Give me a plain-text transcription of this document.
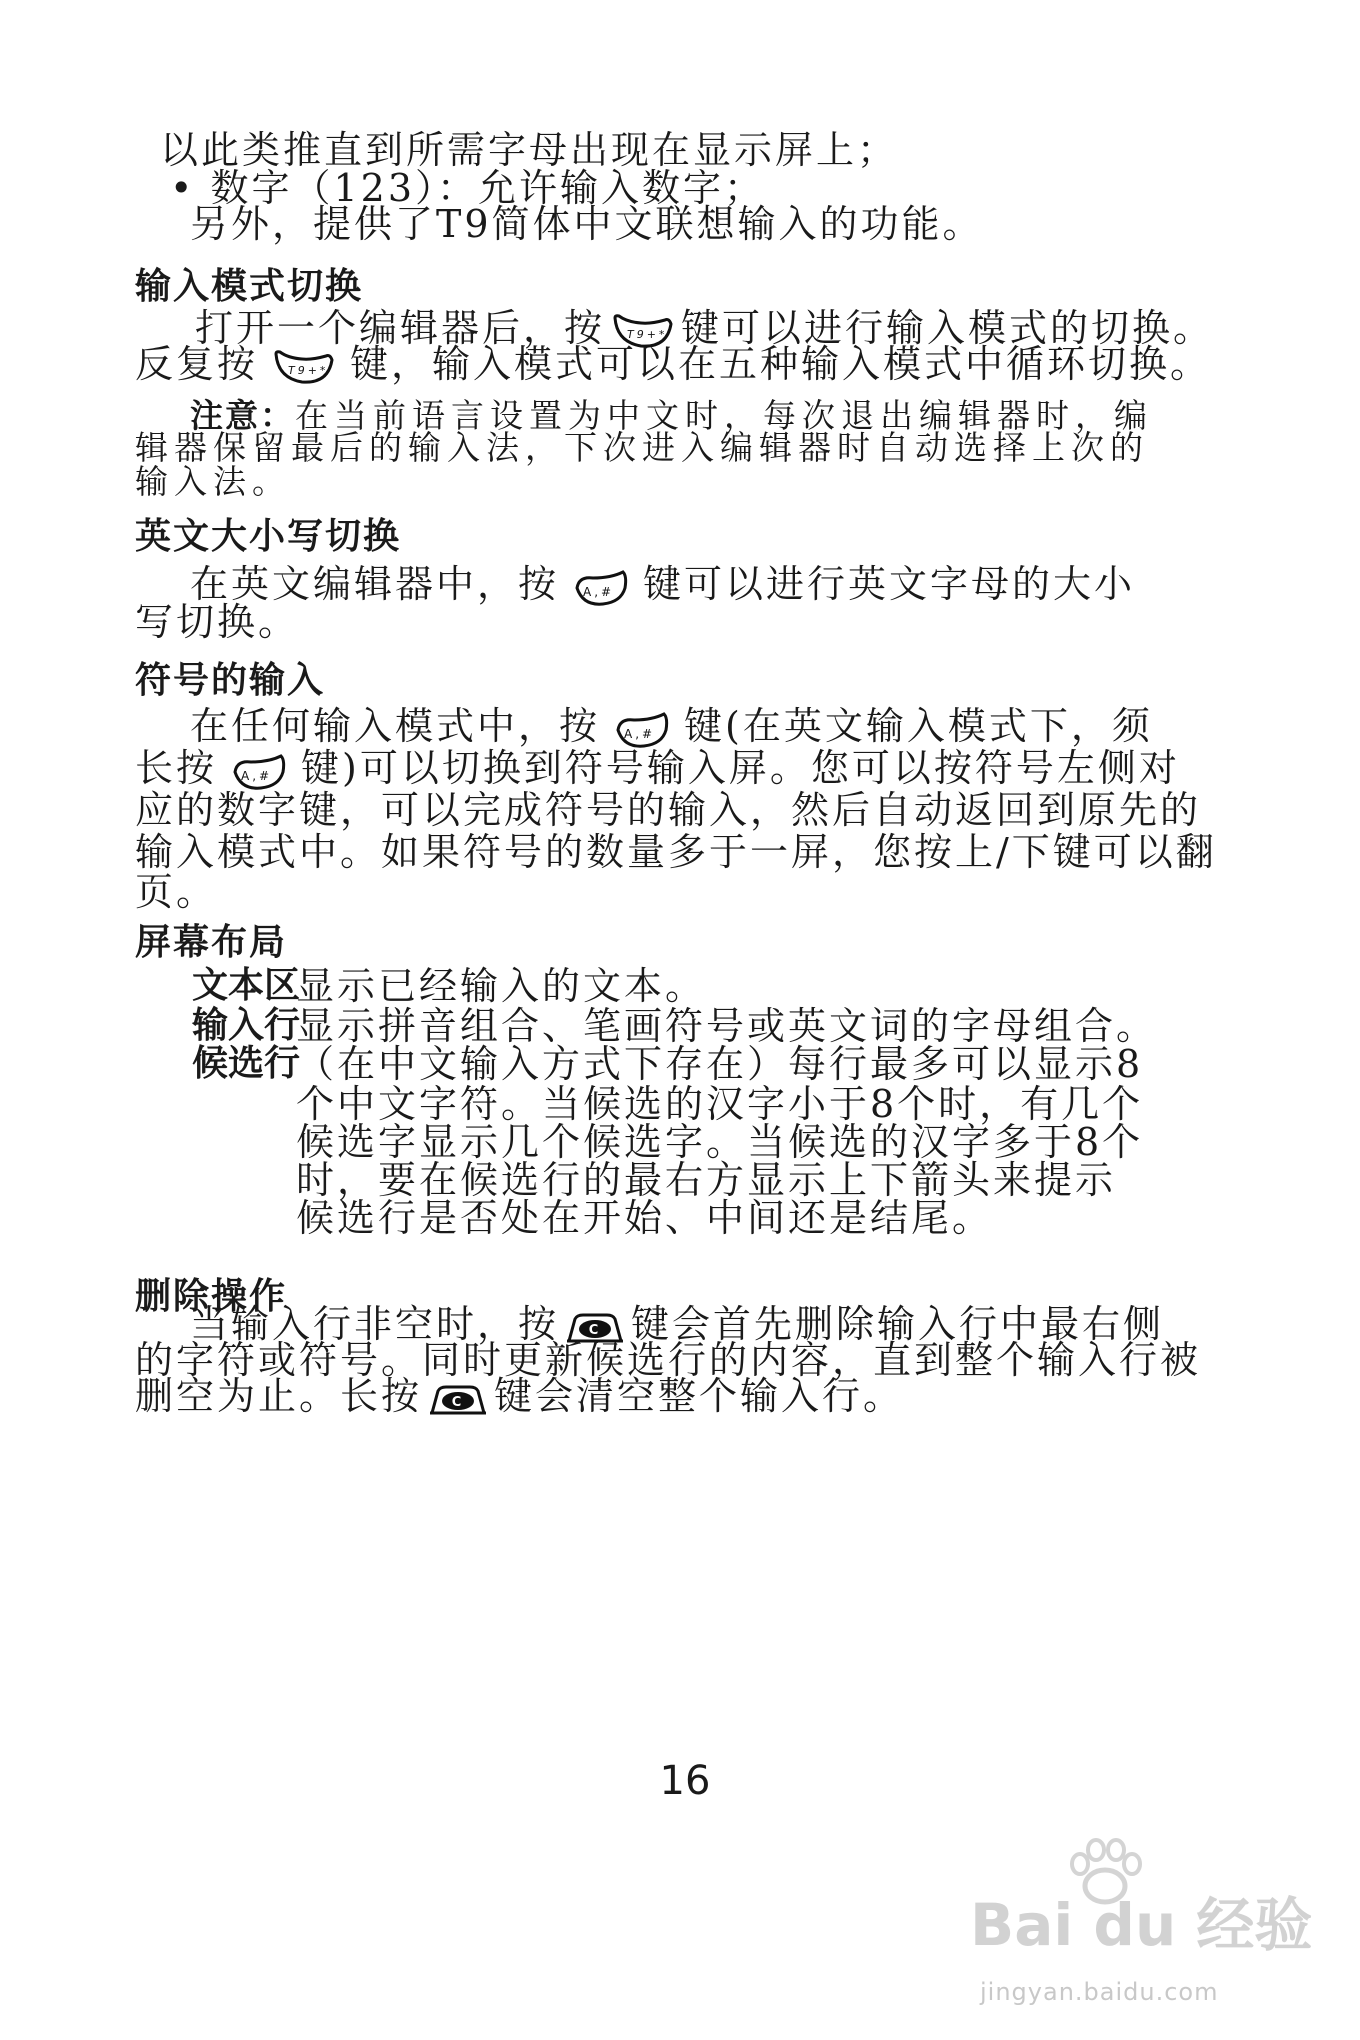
以此类推直到所需字母出现在显示屏上；
• 数字（123）：允许输入数字；
另外，提供了T9简体中文联想输入的功能。
输入模式切换
打开一个编辑器后，按 T9+* 键可以进行输入模式的切换。
反复按	T9+* 键，输入模式可以在五种输入模式中循环切换。
注意：在当前语言设置为中文时，每次退出编辑器时，编
辑器保留最后的输入法，下次进入编辑器时自动选择上次的
输入法。
英文大小写切换
在英文编辑器中，按 A,# 键可以进行英文字母的大小
写切换。
符号的输入
在任何输入模式中，按 A,# 键(在英文输入模式下，须
长按 A,# 键)可以切换到符号输入屏。您可以按符号左侧对
应的数字键，可以完成符号的输入，然后自动返回到原先的
输入模式中。如果符号的数量多于一屏，您按上/下键可以翻
页。
屏幕布局
文本区
显示已经输入的文本。
输入行
显示拼音组合、笔画符号或英文词的字母组合。
候选行
（在中文输入方式下存在）每行最多可以显示8
个中文字符。当候选的汉字小于8个时，有几个
候选字显示几个候选字。当候选的汉字多于8个
时，要在候选行的最右方显示上下箭头来提示
候选行是否处在开始、中间还是结尾。
删除操作
当输入行非空时，按 C 键会首先删除输入行中最右侧
的字符或符号。同时更新候选行的内容，直到整个输入行被
删空为止。长按 C 键会清空整个输入行。
16
Bai du 经验
jingyan.baidu.com
